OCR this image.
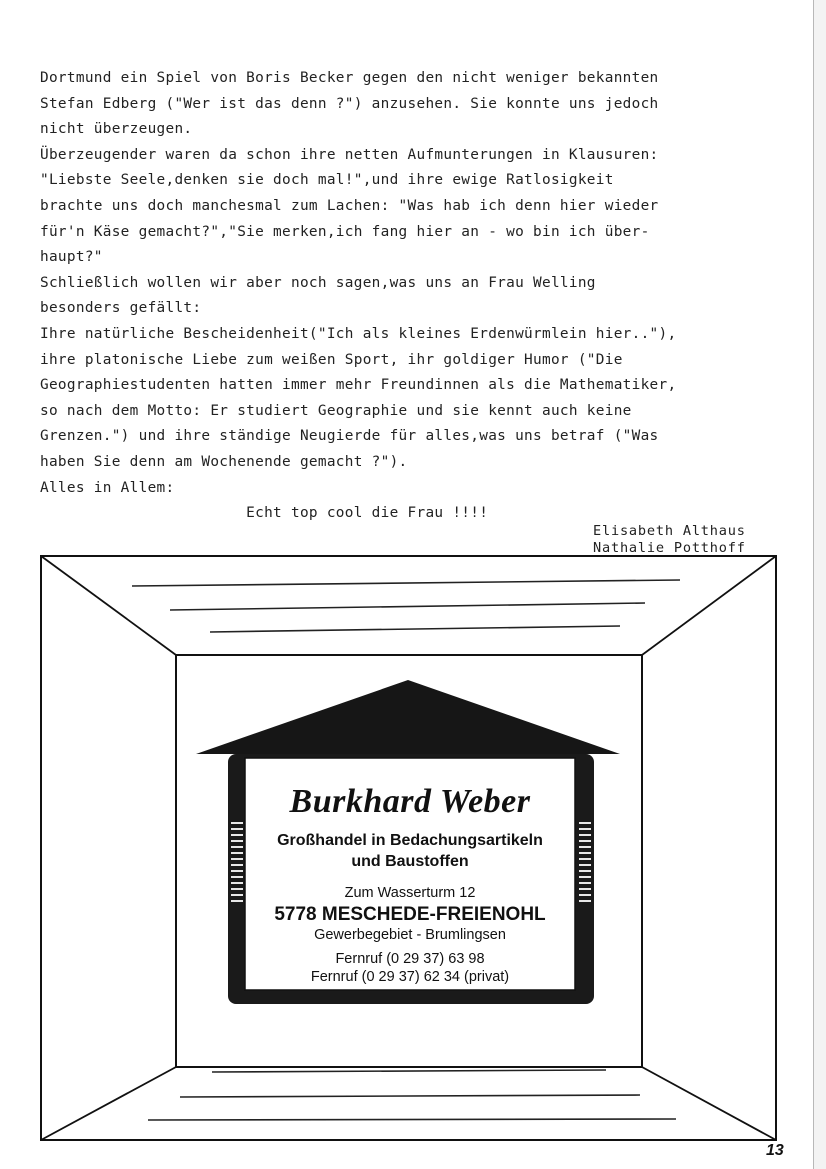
Dortmund ein Spiel von Boris Becker gegen den nicht weniger bekannten
Stefan Edberg ("Wer ist das denn ?") anzusehen. Sie konnte uns jedoch
nicht überzeugen.
Überzeugender waren da schon ihre netten Aufmunterungen in Klausuren:
"Liebste Seele,denken sie doch mal!",und ihre ewige Ratlosigkeit
brachte uns doch manchesmal zum Lachen: "Was hab ich denn hier wieder
für'n Käse gemacht?","Sie merken,ich fang hier an - wo bin ich über-
haupt?"
Schließlich wollen wir aber noch sagen,was uns an Frau Welling
besonders gefällt:
Ihre natürliche Bescheidenheit("Ich als kleines Erdenwürmlein hier.."),
ihre platonische Liebe zum weißen Sport, ihr goldiger Humor ("Die
Geographiestudenten hatten immer mehr Freundinnen als die Mathematiker,
so nach dem Motto: Er studiert Geographie und sie kennt auch keine
Grenzen.") und ihre ständige Neugierde für alles,was uns betraf ("Was
haben Sie denn am Wochenende gemacht ?").
Alles in Allem:
Echt top cool die Frau !!!!
Elisabeth Althaus
Nathalie Potthoff
Burkhard Weber
Großhandel in Bedachungsartikeln
und Baustoffen
Zum Wasserturm 12
5778 MESCHEDE-FREIENOHL
Gewerbegebiet - Brumlingsen
Fernruf (0 29 37) 63 98
Fernruf (0 29 37) 62 34 (privat)
13
